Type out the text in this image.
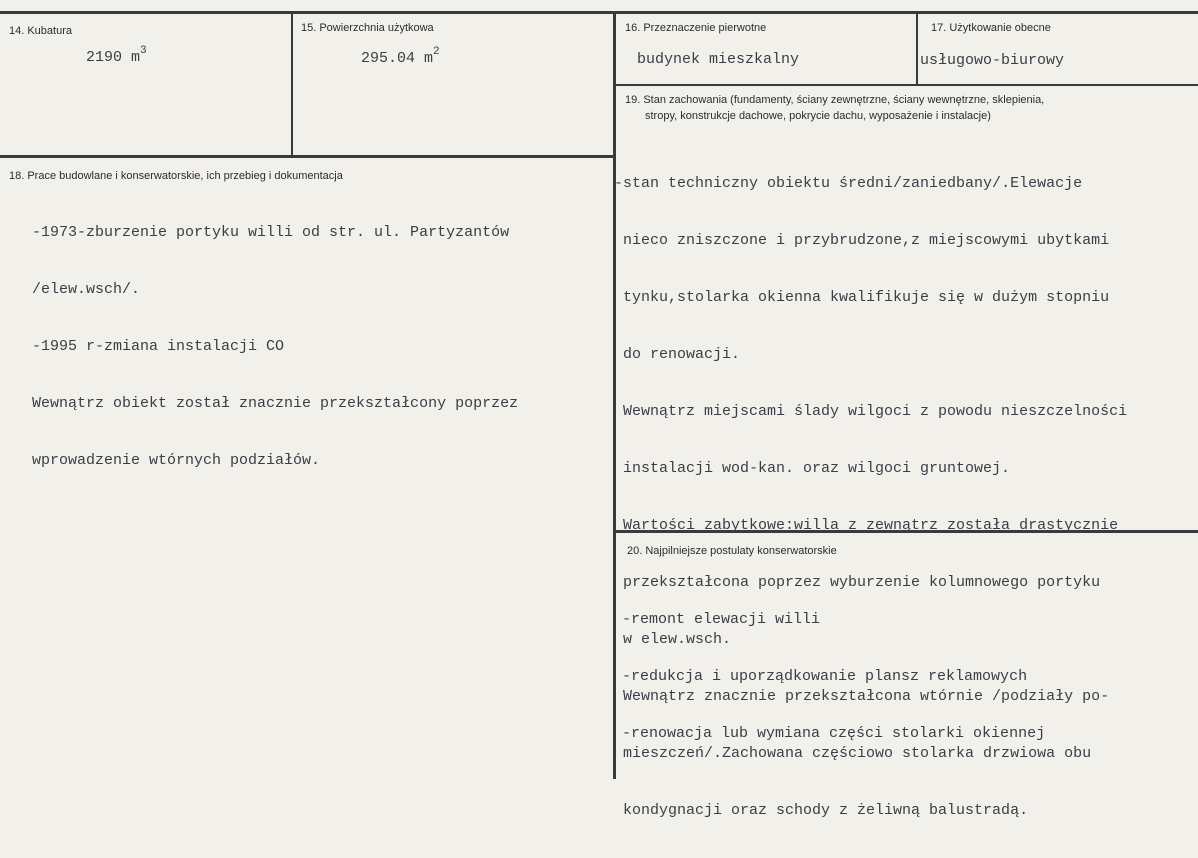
14. Kubatura
2190 $m^3$
15. Powierzchnia użytkowa
295.04 $m^2$
16. Przeznaczenie pierwotne
budynek mieszkalny
17. Użytkowanie obecne
usługowo-biurowy
18. Prace budowlane i konserwatorskie, ich przebieg i dokumentacja

-1973-zburzenie portyku willi od str. ul. Partyzantów

/elew.wsch/.

-1995 r-zmiana instalacji CO

Wewnątrz obiekt został znacznie przekształcony poprzez

wprowadzenie wtórnych podziałów.

19. Stan zachowania (fundamenty, ściany zewnętrzne, ściany wewnętrzne, sklepienia,
stropy, konstrukcje dachowe, pokrycie dachu, wyposażenie i instalacje)

-stan techniczny obiektu średni/zaniedbany/.Elewacje

nieco zniszczone i przybrudzone,z miejscowymi ubytkami

tynku,stolarka okienna kwalifikuje się w dużym stopniu

do renowacji.

Wewnątrz miejscami ślady wilgoci z powodu nieszczelności

instalacji wod-kan. oraz wilgoci gruntowej.

Wartości zabytkowe:willa z zewnątrz została drastycznie

przekształcona poprzez wyburzenie kolumnowego portyku

w elew.wsch.

Wewnątrz znacznie przekształcona wtórnie /podziały po-

mieszczeń/.Zachowana częściowo stolarka drzwiowa obu

kondygnacji oraz schody z żeliwną balustradą.

20. Najpilniejsze postulaty konserwatorskie

-remont elewacji willi

-redukcja i uporządkowanie plansz reklamowych

-renowacja lub wymiana części stolarki okiennej
